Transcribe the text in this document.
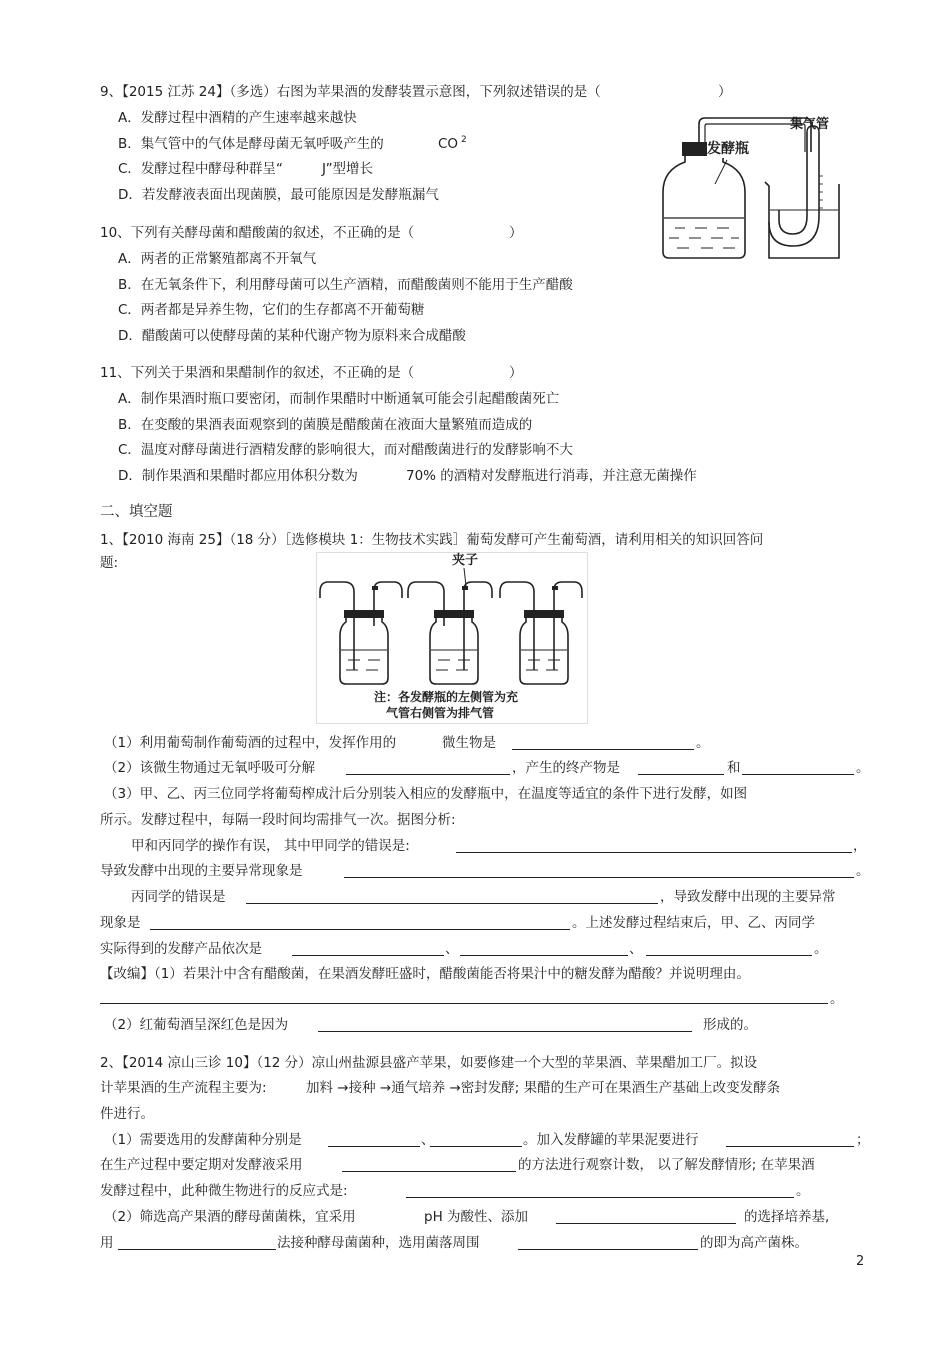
9、【2015 江苏 24】（多选）右图为苹果酒的发酵装置示意图，下列叙述错误的是（	）
A．发酵过程中酒精的产生速率越来越快
B．集气管中的气体是酵母菌无氧呼吸产生的	CO 2
C．发酵过程中酵母种群呈“	J”型增长
D．若发酵液表面出现菌膜，最可能原因是发酵瓶漏气
发酵瓶
集气管
10、下列有关酵母菌和醋酸菌的叙述，不正确的是（	）
A．两者的正常繁殖都离不开氧气
B．在无氧条件下，利用酵母菌可以生产酒精，而醋酸菌则不能用于生产醋酸
C．两者都是异养生物，它们的生存都离不开葡萄糖
D．醋酸菌可以使酵母菌的某种代谢产物为原料来合成醋酸
11、下列关于果酒和果醋制作的叙述，不正确的是（	）
A．制作果酒时瓶口要密闭，而制作果醋时中断通氧可能会引起醋酸菌死亡
B．在变酸的果酒表面观察到的菌膜是醋酸菌在液面大量繁殖而造成的
C．温度对酵母菌进行酒精发酵的影响很大，而对醋酸菌进行的发酵影响不大
D．制作果酒和果醋时都应用体积分数为	70% 的酒精对发酵瓶进行消毒，并注意无菌操作
二、填空题
1、【2010 海南 25】（18 分）［选修模块 1：生物技术实践］葡萄发酵可产生葡萄酒，请利用相关的知识回答问
题:	夹子
注：各发酵瓶的左侧管为充
气管右侧管为排气管
（1）利用葡萄制作葡萄酒的过程中，发挥作用的	微生物是	。
（2）该微生物通过无氧呼吸可分解	，产生的终产物是	和	。
（3）甲、乙、丙三位同学将葡萄榨成汁后分别装入相应的发酵瓶中，在温度等适宜的条件下进行发酵，如图
所示。发酵过程中，每隔一段时间均需排气一次。据图分析:
甲和丙同学的操作有误， 其中甲同学的错误是:	，
导致发酵中出现的主要异常现象是	。
丙同学的错误是	，导致发酵中出现的主要异常
现象是	。上述发酵过程结束后，甲、乙、丙同学
实际得到的发酵产品依次是	、	、	。
【改编】（1）若果汁中含有醋酸菌，在果酒发酵旺盛时，醋酸菌能否将果汁中的糖发酵为醋酸？并说明理由。
。
（2）红葡萄酒呈深红色是因为	形成的。
2、【2014 凉山三诊 10】（12 分）凉山州盐源县盛产苹果，如要修建一个大型的苹果酒、苹果醋加工厂。拟设
计苹果酒的生产流程主要为:	加料 →接种 →通气培养 →密封发酵; 果醋的生产可在果酒生产基础上改变发酵条
件进行。
（1）需要选用的发酵菌种分别是	、	。加入发酵罐的苹果泥要进行	；
在生产过程中要定期对发酵液采用	的方法进行观察计数， 以了解发酵情形; 在苹果酒
发酵过程中，此种微生物进行的反应式是:	。
（2）筛选高产果酒的酵母菌菌株，宜采用	pH 为酸性、添加	的选择培养基,
用	法接种酵母菌菌种，选用菌落周围	的即为高产菌株。
2
